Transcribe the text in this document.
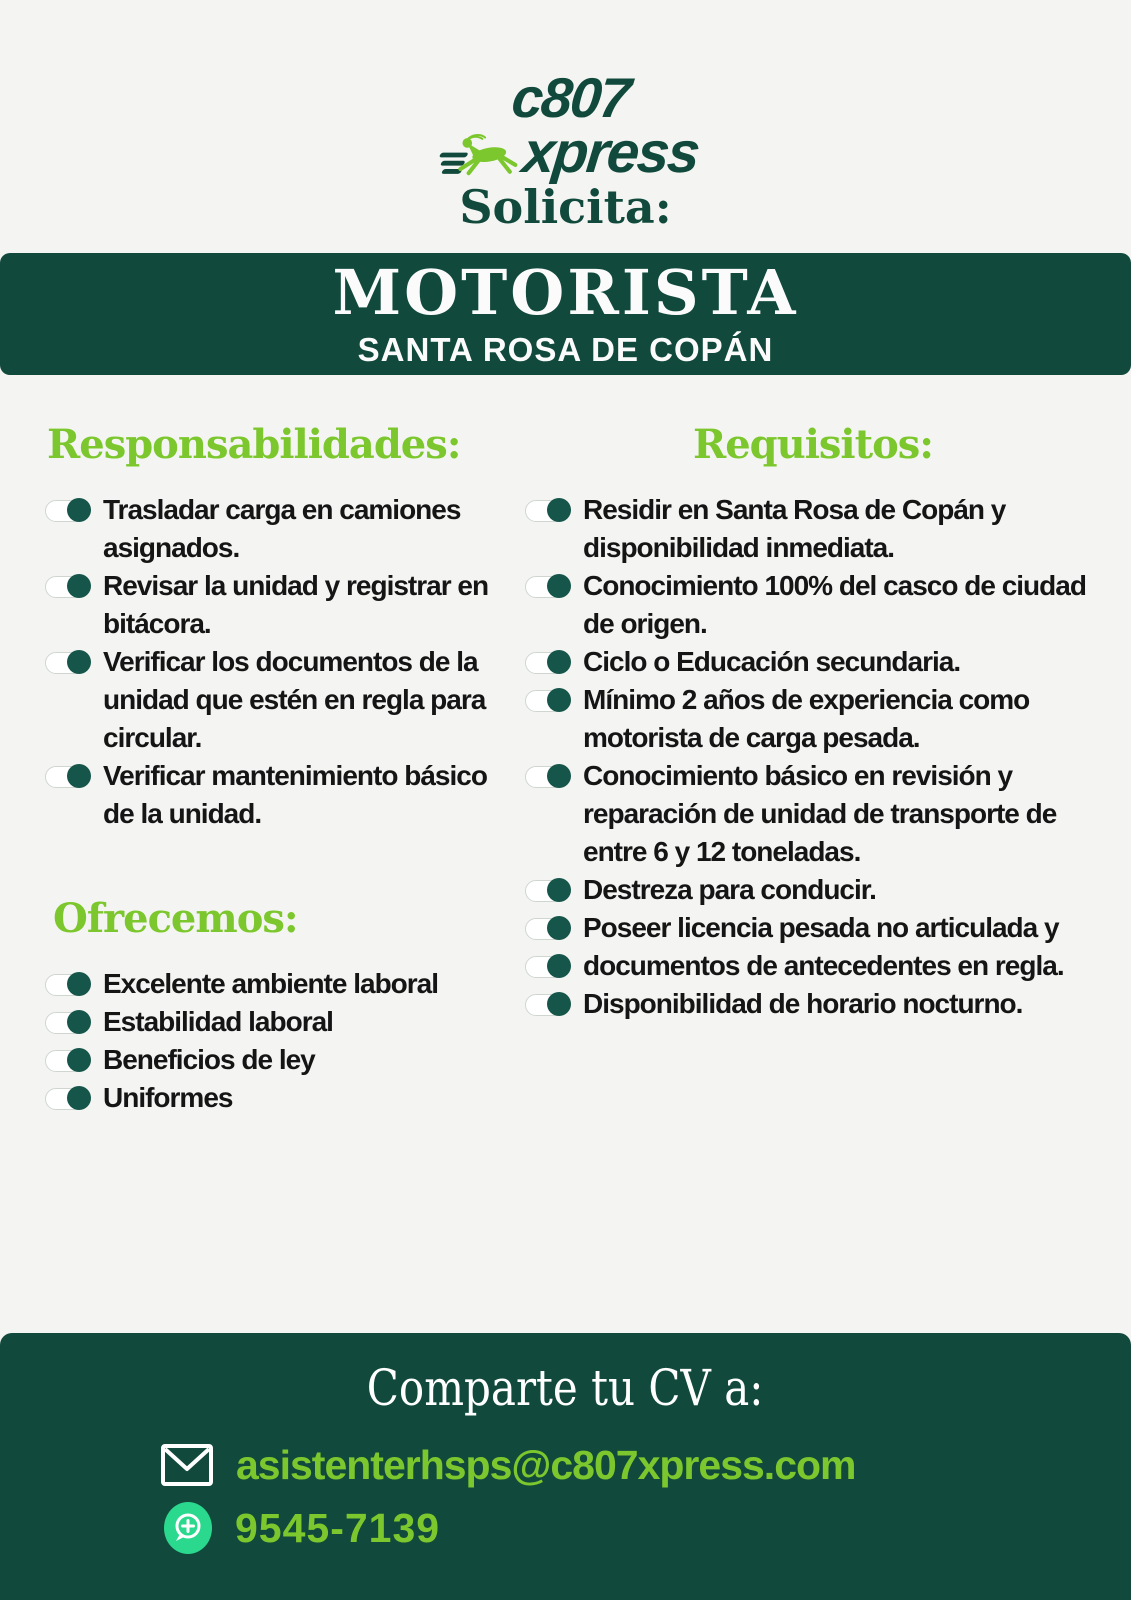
c807
xpress
Solicita:
MOTORISTA
SANTA ROSA DE COPÁN
Responsabilidades:
Trasladar carga en camiones asignados.
Revisar la unidad y registrar en bitácora.
Verificar los documentos de la unidad que estén en regla para circular.
Verificar mantenimiento básico de la unidad.
Ofrecemos:
Excelente ambiente laboral
Estabilidad laboral
Beneficios de ley
Uniformes
Requisitos:
Residir en Santa Rosa de Copán y disponibilidad inmediata.
Conocimiento 100% del casco de ciudad de origen.
Ciclo o Educación secundaria.
Mínimo 2 años de experiencia como motorista de carga pesada.
Conocimiento básico en revisión y reparación de unidad de transporte de entre 6 y 12 toneladas.
Destreza para conducir.
Poseer licencia pesada no articulada y
documentos de antecedentes en regla.
Disponibilidad de horario nocturno.
Comparte tu CV a:
asistenterhsps@c807xpress.com
9545-7139
